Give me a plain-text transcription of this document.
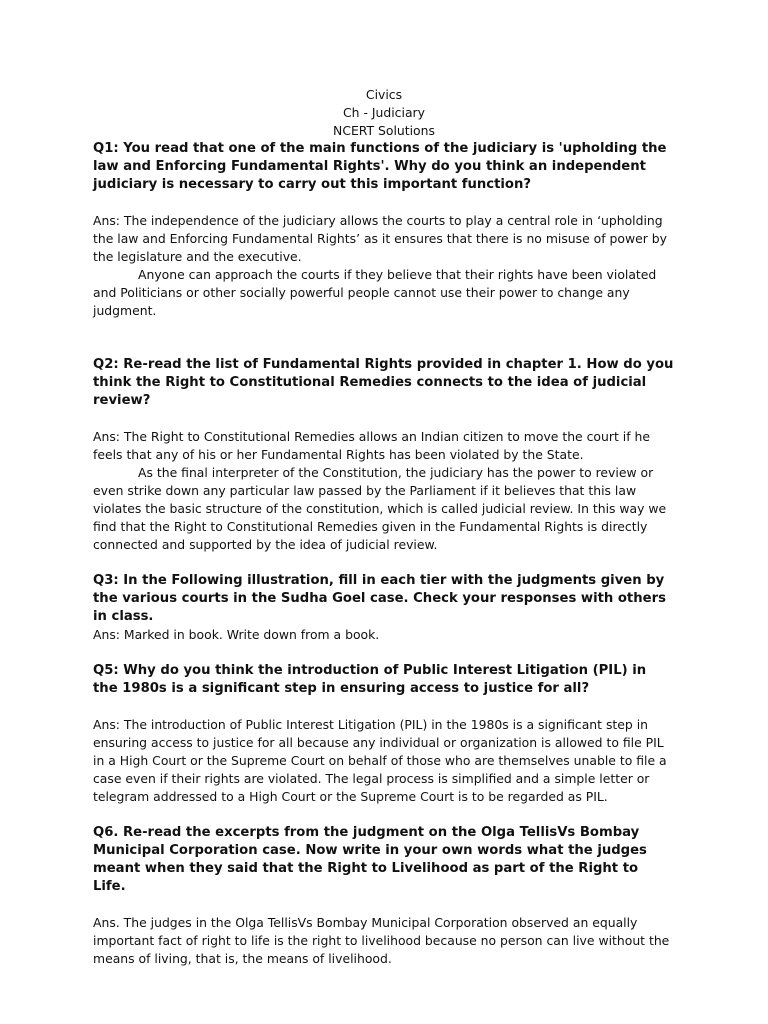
Civics

Ch - Judiciary

NCERT Solutions

Q1: You read that one of the main functions of the judiciary is 'upholding the law and Enforcing Fundamental Rights'. Why do you think an independent judiciary is necessary to carry out this important function?

Ans: The independence of the judiciary allows the courts to play a central role in ‘upholding the law and Enforcing Fundamental Rights’ as it ensures that there is no misuse of power by the legislature and the executive.

Anyone can approach the courts if they believe that their rights have been violated and Politicians or other socially powerful people cannot use their power to change any judgment.

Q2: Re-read the list of Fundamental Rights provided in chapter 1. How do you think the Right to Constitutional Remedies connects to the idea of judicial review?

Ans: The Right to Constitutional Remedies allows an Indian citizen to move the court if he feels that any of his or her Fundamental Rights has been violated by the State.

As the final interpreter of the Constitution, the judiciary has the power to review or even strike down any particular law passed by the Parliament if it believes that this law violates the basic structure of the constitution, which is called judicial review. In this way we find that the Right to Constitutional Remedies given in the Fundamental Rights is directly connected and supported by the idea of judicial review.

Q3: In the Following illustration, fill in each tier with the judgments given by the various courts in the Sudha Goel case. Check your responses with others in class.

Ans: Marked in book. Write down from a book.

Q5: Why do you think the introduction of Public Interest Litigation (PIL) in the 1980s is a significant step in ensuring access to justice for all?

Ans: The introduction of Public Interest Litigation (PIL) in the 1980s is a significant step in ensuring access to justice for all because any individual or organization is allowed to file PIL in a High Court or the Supreme Court on behalf of those who are themselves unable to file a case even if their rights are violated. The legal process is simplified and a simple letter or telegram addressed to a High Court or the Supreme Court is to be regarded as PIL.

Q6. Re-read the excerpts from the judgment on the Olga TellisVs Bombay Municipal Corporation case. Now write in your own words what the judges meant when they said that the Right to Livelihood as part of the Right to Life.

Ans. The judges in the Olga TellisVs Bombay Municipal Corporation observed an equally important fact of right to life is the right to livelihood because no person can live without the means of living, that is, the means of livelihood.
